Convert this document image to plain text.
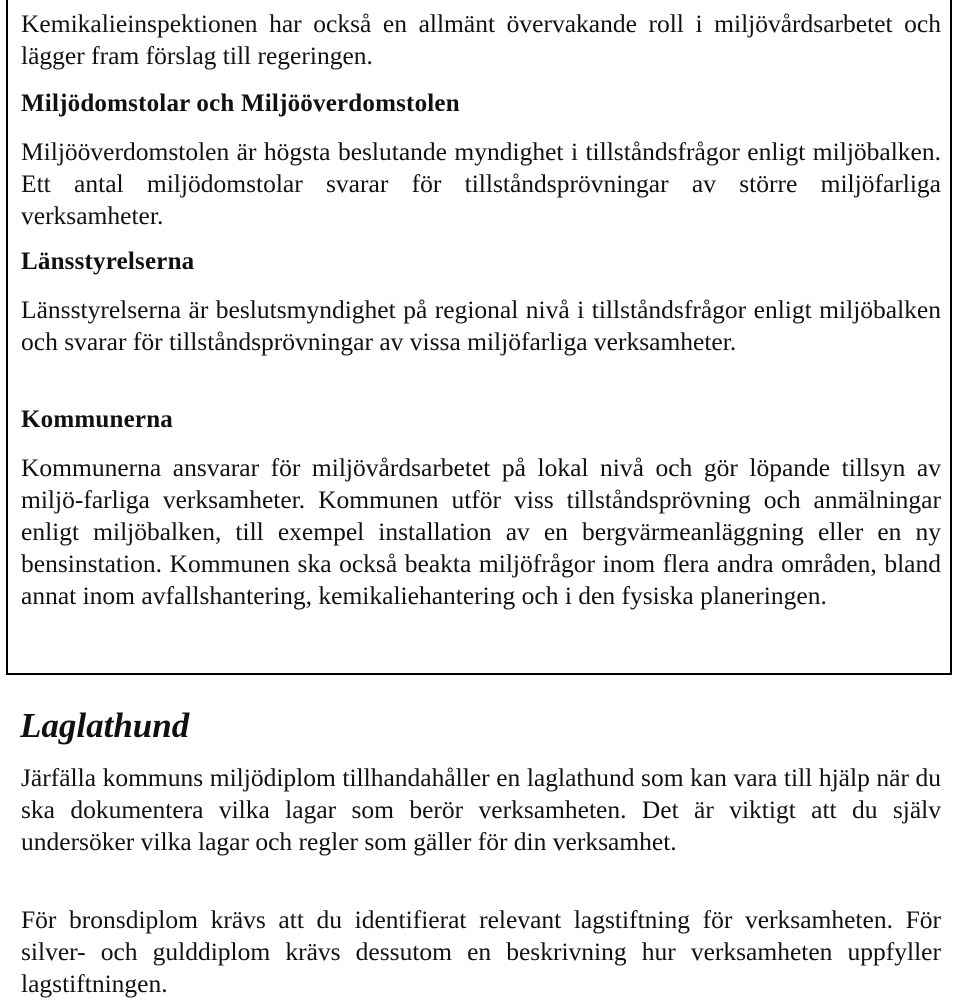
Kemikalieinspektionen har också en allmänt övervakande roll i miljövårdsarbetet och lägger fram förslag till regeringen.

Miljödomstolar och Miljööverdomstolen

Miljööverdomstolen är högsta beslutande myndighet i tillståndsfrågor enligt miljöbalken. Ett antal miljödomstolar svarar för tillståndsprövningar av större miljöfarliga verksamheter.

Länsstyrelserna

Länsstyrelserna är beslutsmyndighet på regional nivå i tillståndsfrågor enligt miljöbalken och svarar för tillståndsprövningar av vissa miljöfarliga verksamheter.

Kommunerna

Kommunerna ansvarar för miljövårdsarbetet på lokal nivå och gör löpande tillsyn av miljö-farliga verksamheter. Kommunen utför viss tillståndsprövning och anmälningar enligt miljöbalken, till exempel installation av en bergvärmeanläggning eller en ny bensinstation. Kommunen ska också beakta miljöfrågor inom flera andra områden, bland annat inom avfallshantering, kemikaliehantering och i den fysiska planeringen.

Laglathund

Järfälla kommuns miljödiplom tillhandahåller en laglathund som kan vara till hjälp när du ska dokumentera vilka lagar som berör verksamheten. Det är viktigt att du själv undersöker vilka lagar och regler som gäller för din verksamhet.

För bronsdiplom krävs att du identifierat relevant lagstiftning för verksamheten. För silver- och gulddiplom krävs dessutom en beskrivning hur verksamheten uppfyller lagstiftningen.
